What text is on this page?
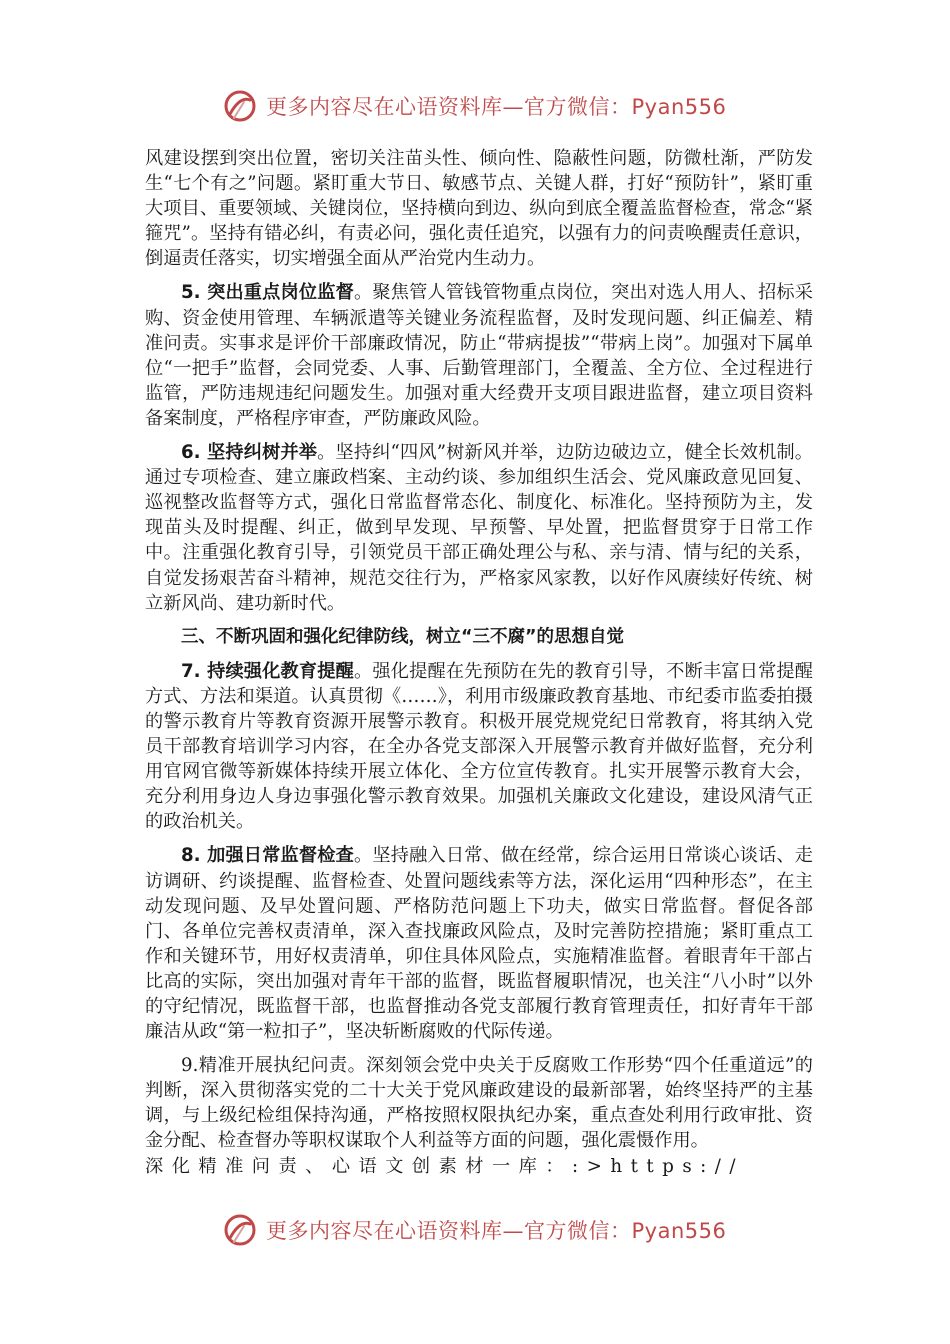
更多内容尽在心语资料库—官方微信：Pyan556

风建设摆到突出位置，密切关注苗头性、倾向性、隐蔽性问题，防微杜渐，严防发生“七个有之”问题。紧盯重大节日、敏感节点、关键人群，打好“预防针”，紧盯重大项目、重要领域、关键岗位，坚持横向到边、纵向到底全覆盖监督检查，常念“紧箍咒”。坚持有错必纠，有责必问，强化责任追究，以强有力的问责唤醒责任意识，倒逼责任落实，切实增强全面从严治党内生动力。

5. 突出重点岗位监督。聚焦管人管钱管物重点岗位，突出对选人用人、招标采购、资金使用管理、车辆派遣等关键业务流程监督，及时发现问题、纠正偏差、精准问责。实事求是评价干部廉政情况，防止“带病提拔”“带病上岗”。加强对下属单位“一把手”监督，会同党委、人事、后勤管理部门，全覆盖、全方位、全过程进行监管，严防违规违纪问题发生。加强对重大经费开支项目跟进监督，建立项目资料备案制度，严格程序审查，严防廉政风险。

6. 坚持纠树并举。坚持纠“四风”树新风并举，边防边破边立，健全长效机制。通过专项检查、建立廉政档案、主动约谈、参加组织生活会、党风廉政意见回复、巡视整改监督等方式，强化日常监督常态化、制度化、标准化。坚持预防为主，发现苗头及时提醒、纠正，做到早发现、早预警、早处置，把监督贯穿于日常工作中。注重强化教育引导，引领党员干部正确处理公与私、亲与清、情与纪的关系，自觉发扬艰苦奋斗精神，规范交往行为，严格家风家教，以好作风赓续好传统、树立新风尚、建功新时代。

三、不断巩固和强化纪律防线，树立“三不腐”的思想自觉

7. 持续强化教育提醒。强化提醒在先预防在先的教育引导，不断丰富日常提醒方式、方法和渠道。认真贯彻《……》，利用市级廉政教育基地、市纪委市监委拍摄的警示教育片等教育资源开展警示教育。积极开展党规党纪日常教育，将其纳入党员干部教育培训学习内容，在全办各党支部深入开展警示教育并做好监督，充分利用官网官微等新媒体持续开展立体化、全方位宣传教育。扎实开展警示教育大会，充分利用身边人身边事强化警示教育效果。加强机关廉政文化建设，建设风清气正的政治机关。

8. 加强日常监督检查。坚持融入日常、做在经常，综合运用日常谈心谈话、走访调研、约谈提醒、监督检查、处置问题线索等方法，深化运用“四种形态”，在主动发现问题、及早处置问题、严格防范问题上下功夫，做实日常监督。督促各部门、各单位完善权责清单，深入查找廉政风险点，及时完善防控措施；紧盯重点工作和关键环节，用好权责清单，卯住具体风险点，实施精准监督。着眼青年干部占比高的实际，突出加强对青年干部的监督，既监督履职情况，也关注“八小时”以外的守纪情况，既监督干部，也监督推动各党支部履行教育管理责任，扣好青年干部廉洁从政“第一粒扣子”，坚决斩断腐败的代际传递。

9.精准开展执纪问责。深刻领会党中央关于反腐败工作形势“四个任重道远”的判断，深入贯彻落实党的二十大关于党风廉政建设的最新部署，始终坚持严的主基调，与上级纪检组保持沟通，严格按照权限执纪办案，重点查处利用行政审批、资金分配、检查督办等职权谋取个人利益等方面的问题，强化震慑作用。

深化精准问责、心语文创素材一库：:>https://

更多内容尽在心语资料库—官方微信：Pyan556
